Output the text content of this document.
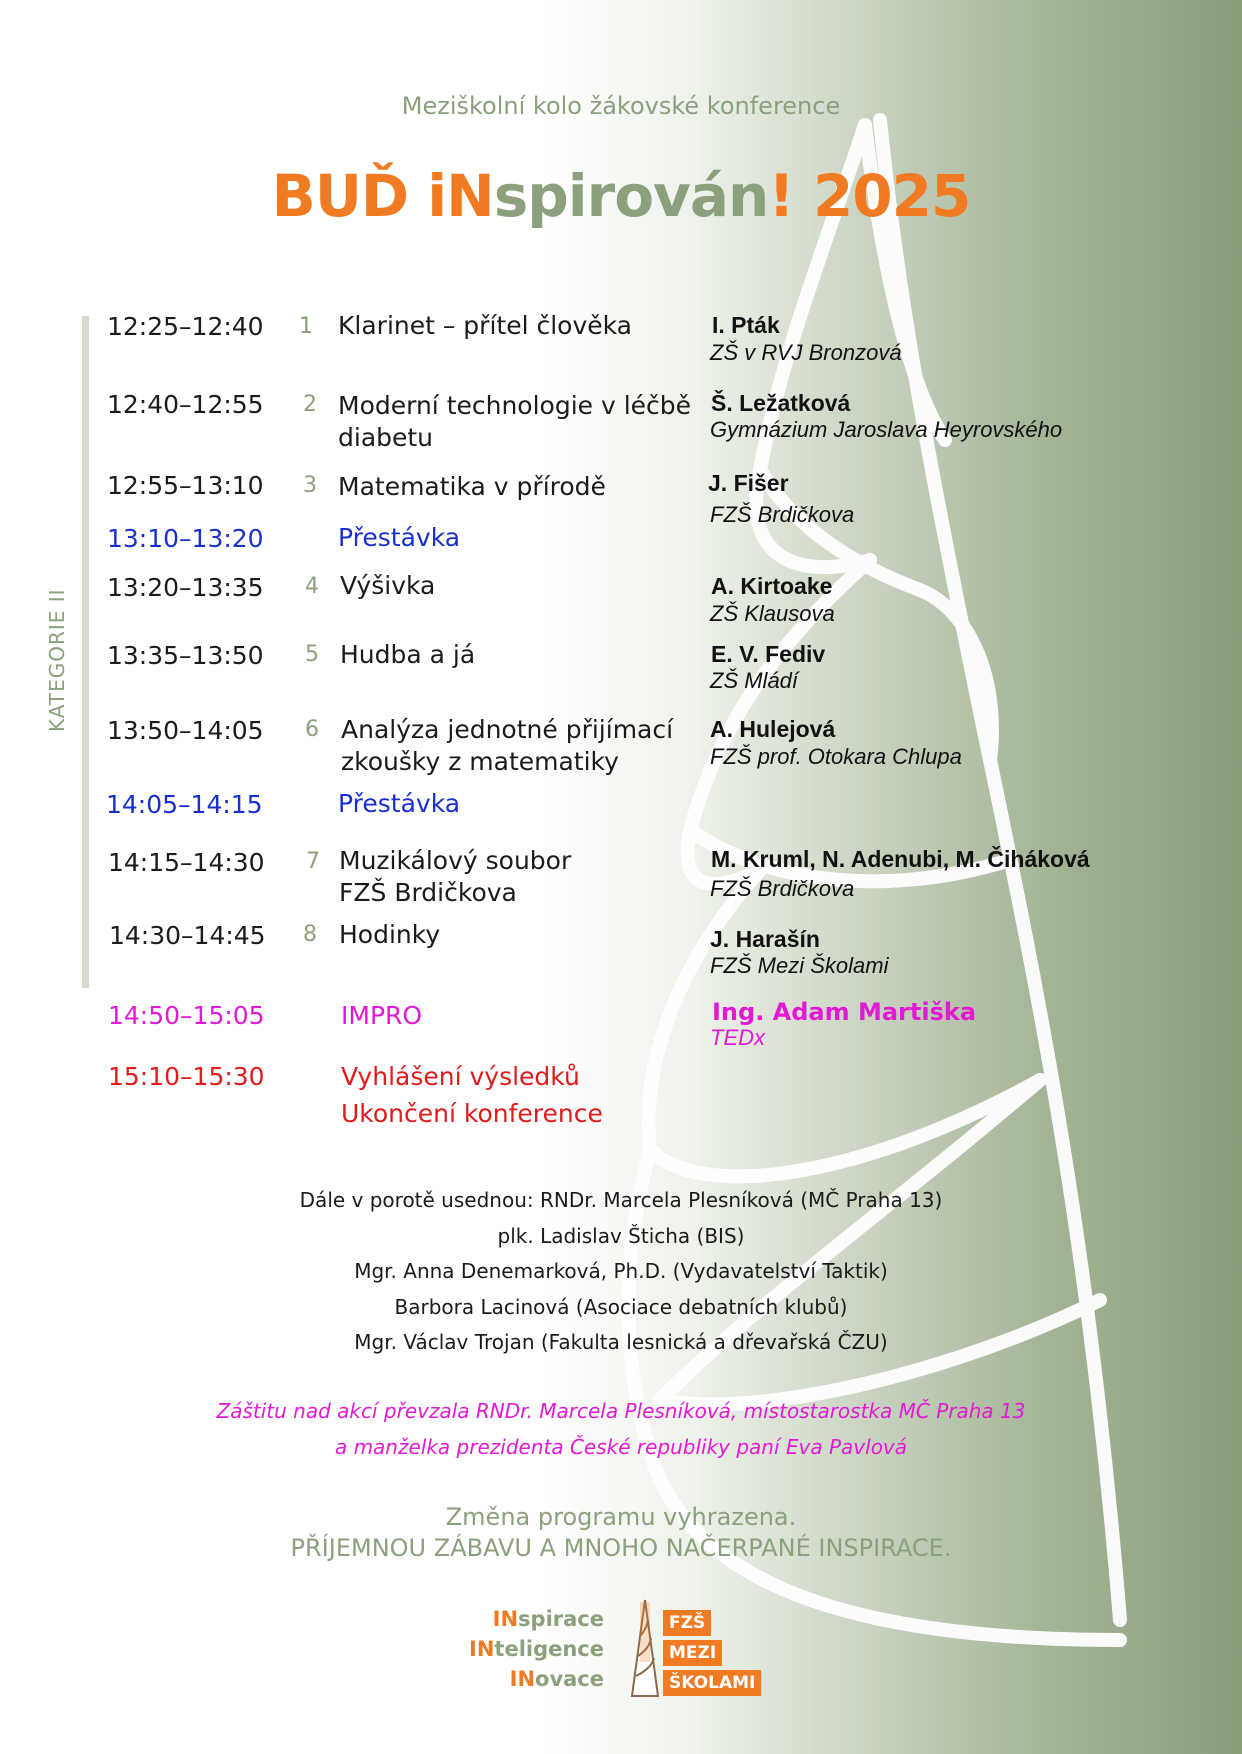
Meziškolní kolo žákovské konference
BUĎ iNspirován! 2025
KATEGORIE II
12:25–12:40 1 Klarinet – přítel člověka	I. Pták
ZŠ v RVJ Bronzová
12:40–12:55 2 Moderní technologie v léčbě
diabetu
Š. Ležatková
Gymnázium Jaroslava Heyrovského
12:55–13:10 3 Matematika v přírodě	J. Fišer
FZŠ Brdičkova
13:10–13:20	Přestávka
13:20–13:35 4 Výšivka	A. Kirtoake
ZŠ Klausova
13:35–13:50 5 Hudba a já	E. V. Fediv
ZŠ Mládí
13:50–14:05 6 Analýza jednotné přijímací
zkoušky z matematiky
A. Hulejová
FZŠ prof. Otokara Chlupa
14:05–14:15	Přestávka
14:15–14:30 7 Muzikálový soubor
FZŠ Brdičkova
M. Kruml, N. Adenubi, M. Čiháková
FZŠ Brdičkova
14:30–14:45 8 Hodinky	J. Harašín
FZŠ Mezi Školami
14:50–15:05	IMPRO	Ing. Adam Martiška
TEDx
15:10–15:30	Vyhlášení výsledků
Ukončení konference
Dále v porotě usednou: RNDr. Marcela Plesníková (MČ Praha 13)
plk. Ladislav Šticha (BIS)
Mgr. Anna Denemarková, Ph.D. (Vydavatelství Taktik)
Barbora Lacinová (Asociace debatních klubů)
Mgr. Václav Trojan (Fakulta lesnická a dřevařská ČZU)
Záštitu nad akcí převzala RNDr. Marcela Plesníková, místostarostka MČ Praha 13
a manželka prezidenta České republiky paní Eva Pavlová
Změna programu vyhrazena.
PŘÍJEMNOU ZÁBAVU A MNOHO NAČERPANÉ INSPIRACE.
INspirace
INteligence
INovace
FZŠ
MEZI
ŠKOLAMI
